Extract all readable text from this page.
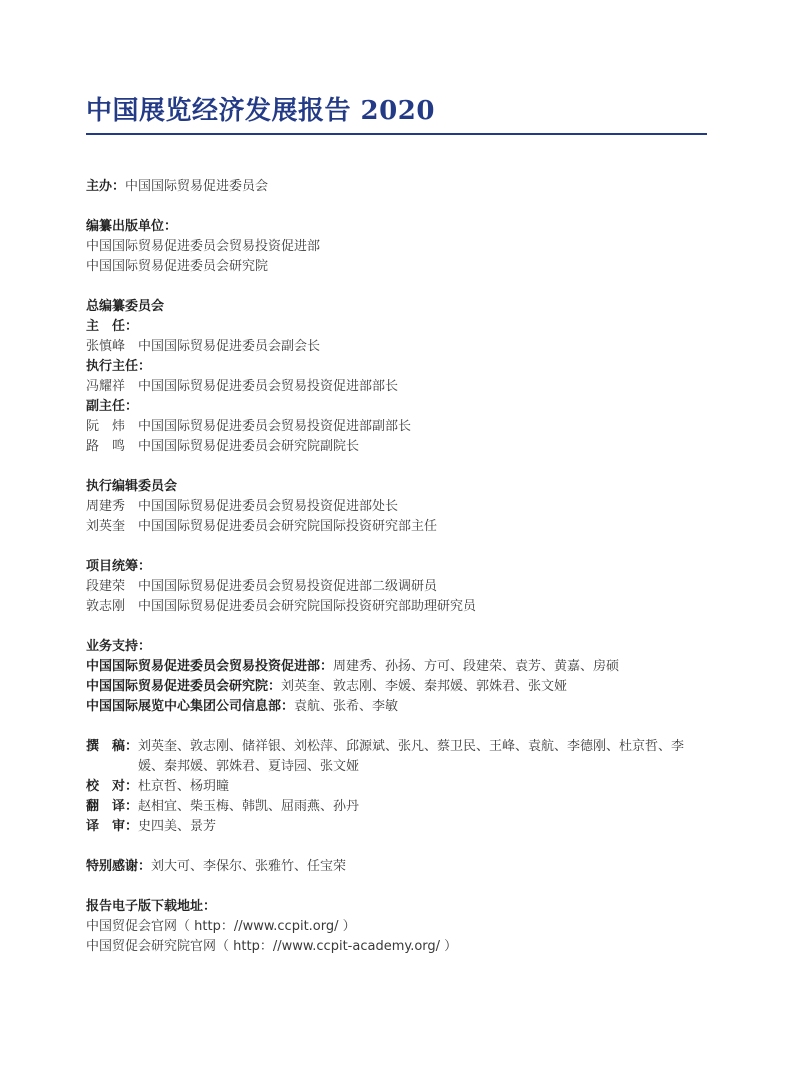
中国展览经济发展报告 2020
主办：中国国际贸易促进委员会
编纂出版单位：
中国国际贸易促进委员会贸易投资促进部
中国国际贸易促进委员会研究院
总编纂委员会
主　任：
张慎峰 中国国际贸易促进委员会副会长
执行主任：
冯耀祥 中国国际贸易促进委员会贸易投资促进部部长
副主任：
阮　炜 中国国际贸易促进委员会贸易投资促进部副部长
路　鸣 中国国际贸易促进委员会研究院副院长
执行编辑委员会
周建秀 中国国际贸易促进委员会贸易投资促进部处长
刘英奎 中国国际贸易促进委员会研究院国际投资研究部主任
项目统筹：
段建荣 中国国际贸易促进委员会贸易投资促进部二级调研员
敦志刚 中国国际贸易促进委员会研究院国际投资研究部助理研究员
业务支持：
中国国际贸易促进委员会贸易投资促进部：周建秀、孙扬、方可、段建荣、袁芳、黄嘉、房硕
中国国际贸易促进委员会研究院：刘英奎、敦志刚、李媛、秦邦媛、郭姝君、张文娅
中国国际展览中心集团公司信息部：袁航、张希、李敏
撰　稿： 刘英奎、敦志刚、储祥银、刘松萍、邱源斌、张凡、蔡卫民、王峰、袁航、李德刚、杜京哲、李媛、秦邦媛、郭姝君、夏诗园、张文娅
校　对：杜京哲、杨玥瞳
翻　译：赵相宜、柴玉梅、韩凯、屈雨燕、孙丹
译　审：史四美、景芳
特别感谢：刘大可、李保尔、张雅竹、任宝荣
报告电子版下载地址：
中国贸促会官网（ http：//www.ccpit.org/ ）
中国贸促会研究院官网（ http：//www.ccpit-academy.org/ ）
